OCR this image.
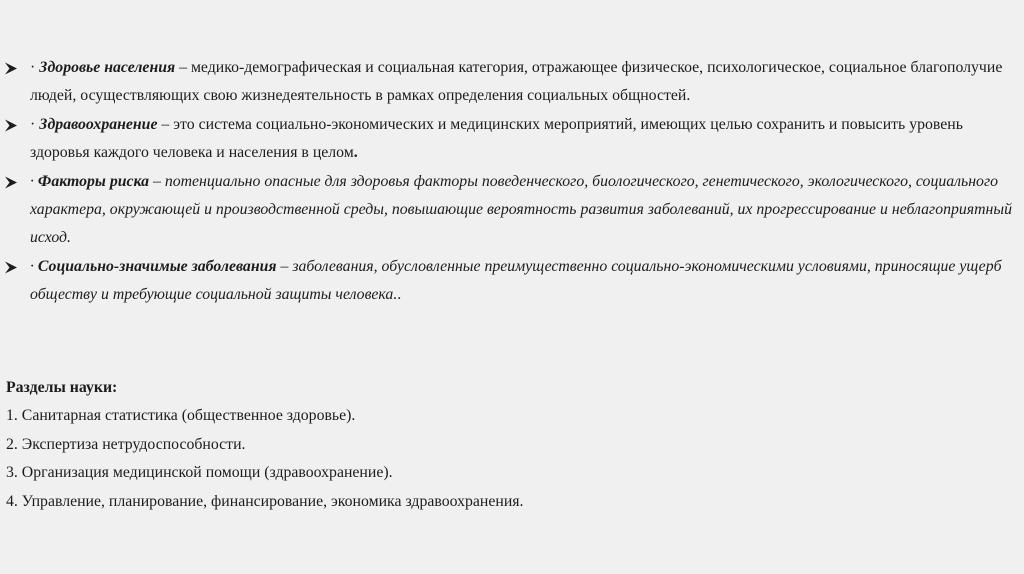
· Здоровье населения – медико-демографическая и социальная категория, отражающее физическое, психологическое, социальное благополучие людей, осуществляющих свою жизнедеятельность в рамках определения социальных общностей.
· Здравоохранение – это система социально-экономических и медицинских мероприятий, имеющих целью сохранить и повысить уровень здоровья каждого человека и населения в целом.
· Факторы риска – потенциально опасные для здоровья факторы поведенческого, биологического, генетического, экологического, социального характера, окружающей и производственной среды, повышающие вероятность развития заболеваний, их прогрессирование и неблагоприятный исход.
· Социально-значимые заболевания – заболевания, обусловленные преимущественно социально-экономическими условиями, приносящие ущерб обществу и требующие социальной защиты человека..
Разделы науки:
1. Санитарная статистика (общественное здоровье).
2. Экспертиза нетрудоспособности.
3. Организация медицинской помощи (здравоохранение).
4. Управление, планирование, финансирование, экономика здравоохранения.
